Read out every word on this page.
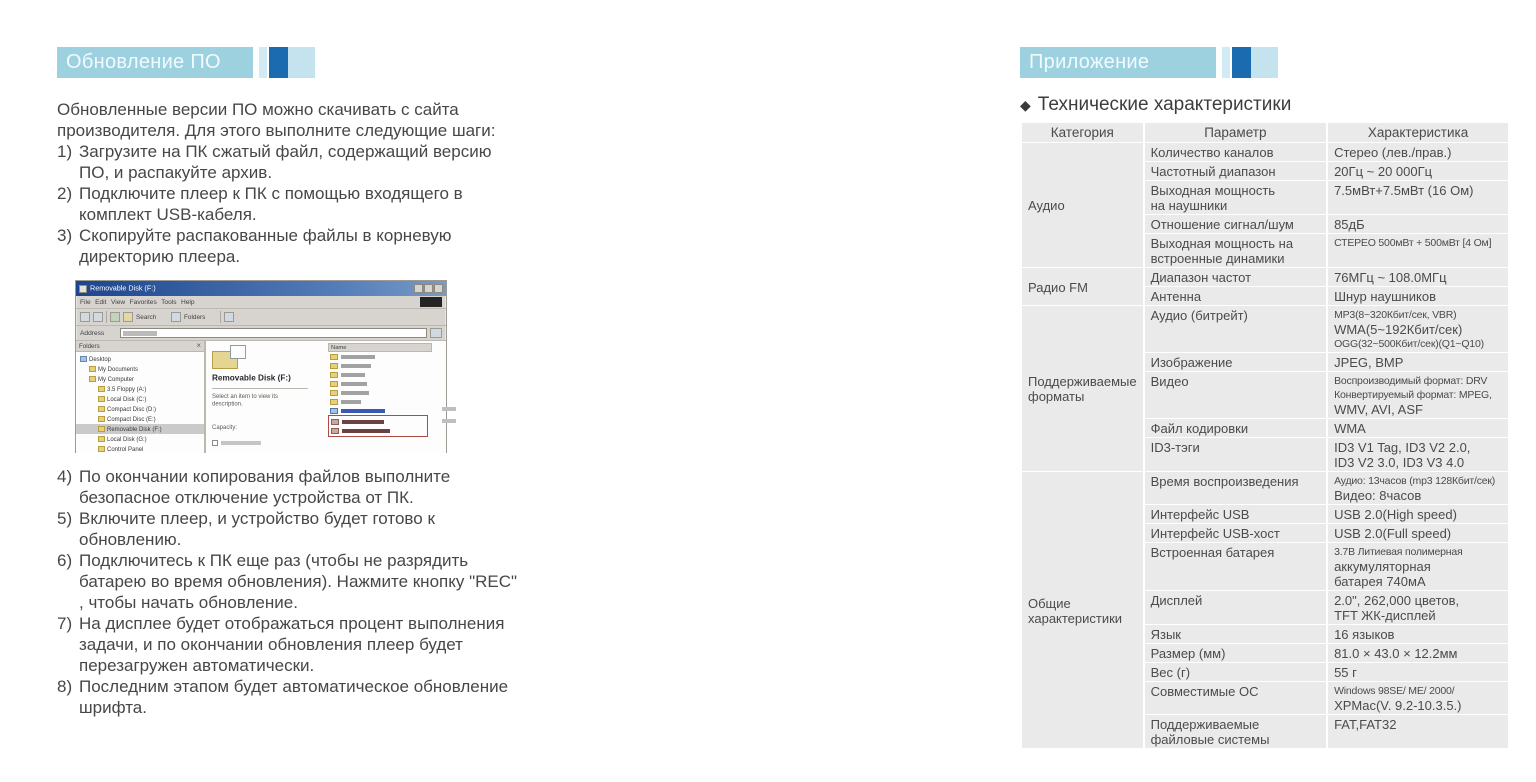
Обновление ПО

Обновленные версии ПО можно скачивать с сайта производителя. Для этого выполните следующие шаги:

1) Загрузите на ПК сжатый файл, содержащий версию ПО, и распакуйте архив.
2) Подключите плеер к ПК с помощью входящего в комплект USB-кабеля.
3) Скопируйте распакованные файлы в корневую директорию плеера.
Removable Disk (F:)
File Edit View Favorites Tools Help
Search	Folders
Address
Folders	×
Desktop
My Documents
My Computer
3.5 Floppy (A:)
Local Disk (C:)
Compact Disc (D:)
Compact Disc (E:)
Removable Disk (F:)
Local Disk (G:)
Control Panel
Removable Disk (F:)
Select an item to view its description.
Capacity:
Name
4) По окончании копирования файлов выполните безопасное отключение устройства от ПК.
5) Включите плеер, и устройство будет готово к обновлению.
6) Подключитесь к ПК еще раз (чтобы не разрядить батарею во время обновления). Нажмите кнопку "REC" , чтобы начать обновление.
7) На дисплее будет отображаться процент выполнения задачи, и по окончании обновления плеер будет перезагружен автоматически.
8) Последним этапом будет автоматическое обновление шрифта.
Приложение
◆ Технические характеристики
Категория	Параметр	Характеристика
Аудио	Количество каналов	Стерео (лев./прав.)

	Частотный диапазон	20Гц ~ 20 000Гц

	Выходная мощность
на наушники	7.5мВт+7.5мВт (16 Ом)

	Отношение сигнал/шум	85дБ

	Выходная мощность на
встроенные динамики	СТЕРЕО 500мВт + 500мВт [4 Ом]

Радио FM	Диапазон частот	76МГц ~ 108.0МГц

	Антенна	Шнур наушников

Поддерживаемые форматы	Аудио (битрейт)	MP3(8~320Кбит/сек, VBR)
WMA(5~192Кбит/сек)
OGG(32~500Кбит/сек)(Q1~Q10)

	Изображение	JPEG, BMP

	Видео	Воспроизводимый формат: DRV
Конвертируемый формат: MPEG,
WMV, AVI, ASF

	Файл кодировки	WMA

	ID3-тэги	ID3 V1 Tag, ID3 V2 2.0,
ID3 V2 3.0, ID3 V3 4.0

Общие характеристики	Время воспроизведения	Аудио: 13часов (mp3 128Кбит/сек)
Видео: 8часов

	Интерфейс USB	USB 2.0(High speed)

	Интерфейс USB-хост	USB 2.0(Full speed)

	Встроенная батарея	3.7В Литиевая полимерная
аккумуляторная
батарея 740мА

	Дисплей	2.0", 262,000 цветов,
TFT ЖК-дисплей

	Язык	16 языков

	Размер (мм)	81.0 × 43.0 × 12.2мм

	Вес (г)	55 г

	Совместимые ОС	Windows 98SE/ ME/ 2000/
XPMac(V. 9.2-10.3.5.)

	Поддерживаемые
файловые системы	FAT,FAT32
